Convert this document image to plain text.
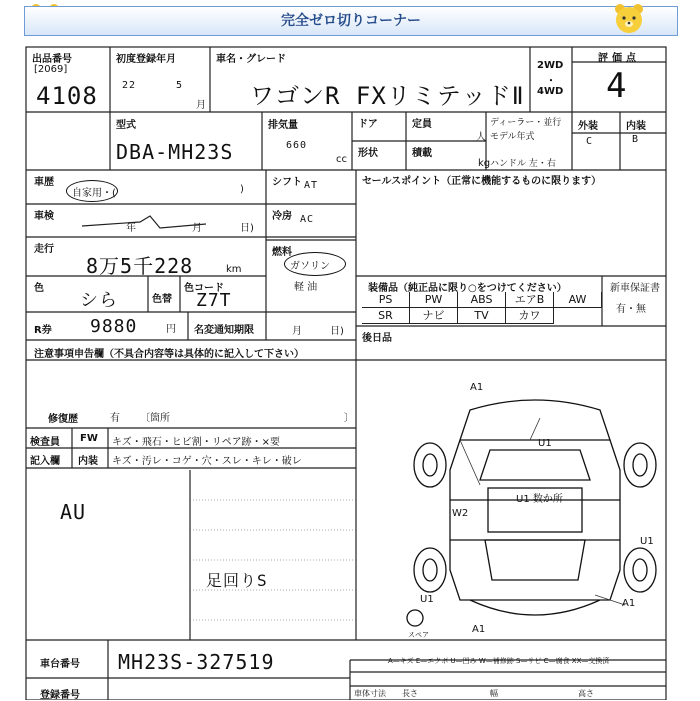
完全ゼロ切りコーナー
出品番号
[2069]
4108
初度登録年月
22	5
月
車名・グレード
ワゴンR FXリミテッドⅡ
2WD
・
4WD
評価点
4
型式
DBA-MH23S
排気量
660
cc
ドア	定員
人
形状	積載
kg
ディーラー・並行
モデル年式
ハンドル 左・右
外装	内装
C	B
車歴
自家用・(	)
車検
年	月	日)
走行
8万5千228	km
色
シら	色替
色コード
Z7T
R券 9880	円 名変通知期限	月	日)
シフト AT
冷房 AC
燃料
ガソリン
軽 油
セールスポイント（正常に機能するものに限ります）
装備品（純正品に限り○をつけてください）	新車保証書
有・無
PS	PW	ABS	エアB	AW
SR	ナビ	TV	カワ
後日品
注意事項申告欄（不具合内容等は具体的に記入して下さい）
修復歴	有 〔箇所	〕
検査員
記入欄
FW キズ・飛石・ヒビ割・リペア跡・×要
内装 キズ・汚レ・コゲ・穴・スレ・キレ・破レ
AU
足回りS
A1
U1
U1 数か所
W2
U1
U1	A1
A1
スペア
A—キズ E—エクボ U—凹み W—補修跡 S—サビ C—腐食 XX—交換済
車台番号 MH23S-327519
登録番号	車体寸法 長さ	幅	高さ
